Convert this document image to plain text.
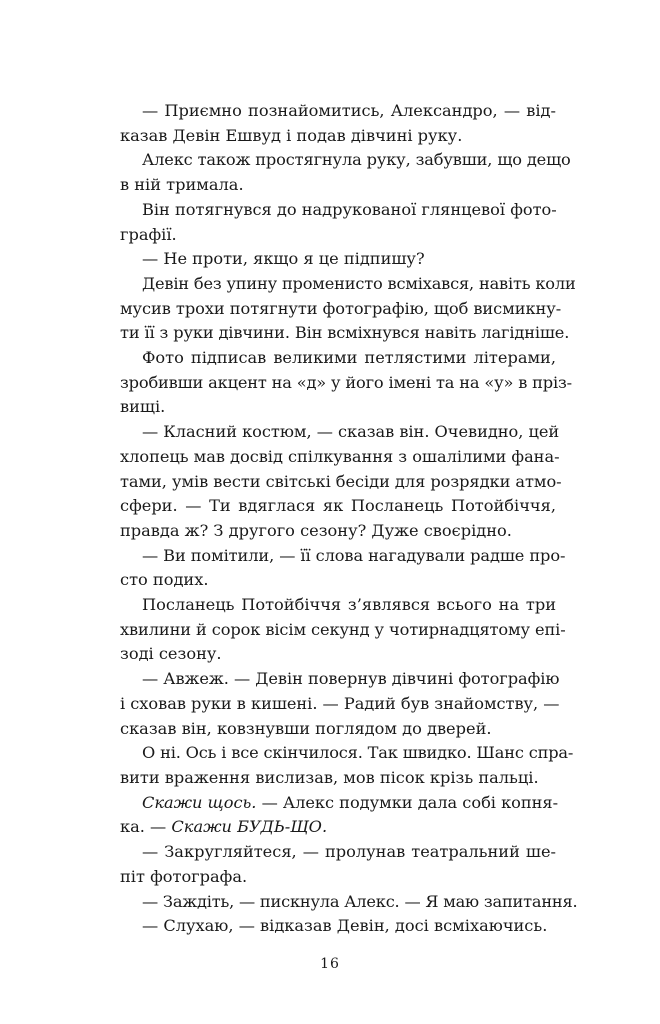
— Приємно познайомитись, Александро, — від-
казав Девін Ешвуд і подав дівчині руку.
Алекс також простягнула руку, забувши, що дещо
в ній тримала.
Він потягнувся до надрукованої глянцевої фото-
графії.
— Не проти, якщо я це підпишу?
Девін без упину променисто всміхався, навіть коли
мусив трохи потягнути фотографію, щоб висмикну-
ти її з руки дівчини. Він всміхнувся навіть лагідніше.
Фото підписав великими петлястими літерами,
зробивши акцент на «д» у його імені та на «у» в пріз-
вищі.
— Класний костюм, — сказав він. Очевидно, цей
хлопець мав досвід спілкування з ошалілими фана-
тами, умів вести світські бесіди для розрядки атмо-
сфери. — Ти вдяглася як Посланець Потойбіччя,
правда ж? З другого сезону? Дуже своєрідно.
— Ви помітили, — її слова нагадували радше про-
сто подих.
Посланець Потойбіччя з’являвся всього на три
хвилини й сорок вісім секунд у чотирнадцятому епі-
зоді сезону.
— Авжеж. — Девін повернув дівчині фотографію
і сховав руки в кишені. — Радий був знайомству, —
сказав він, ковзнувши поглядом до дверей.
О ні. Ось і все скінчилося. Так швидко. Шанс спра-
вити враження вислизав, мов пісок крізь пальці.
Скажи щось. — Алекс подумки дала собі копня-
ка. — Скажи БУДЬ-ЩО.
— Закругляйтеся, — пролунав театральний ше-
піт фотографа.
— Заждіть, — пискнула Алекс. — Я маю запитання.
— Слухаю, — відказав Девін, досі всміхаючись.
16
